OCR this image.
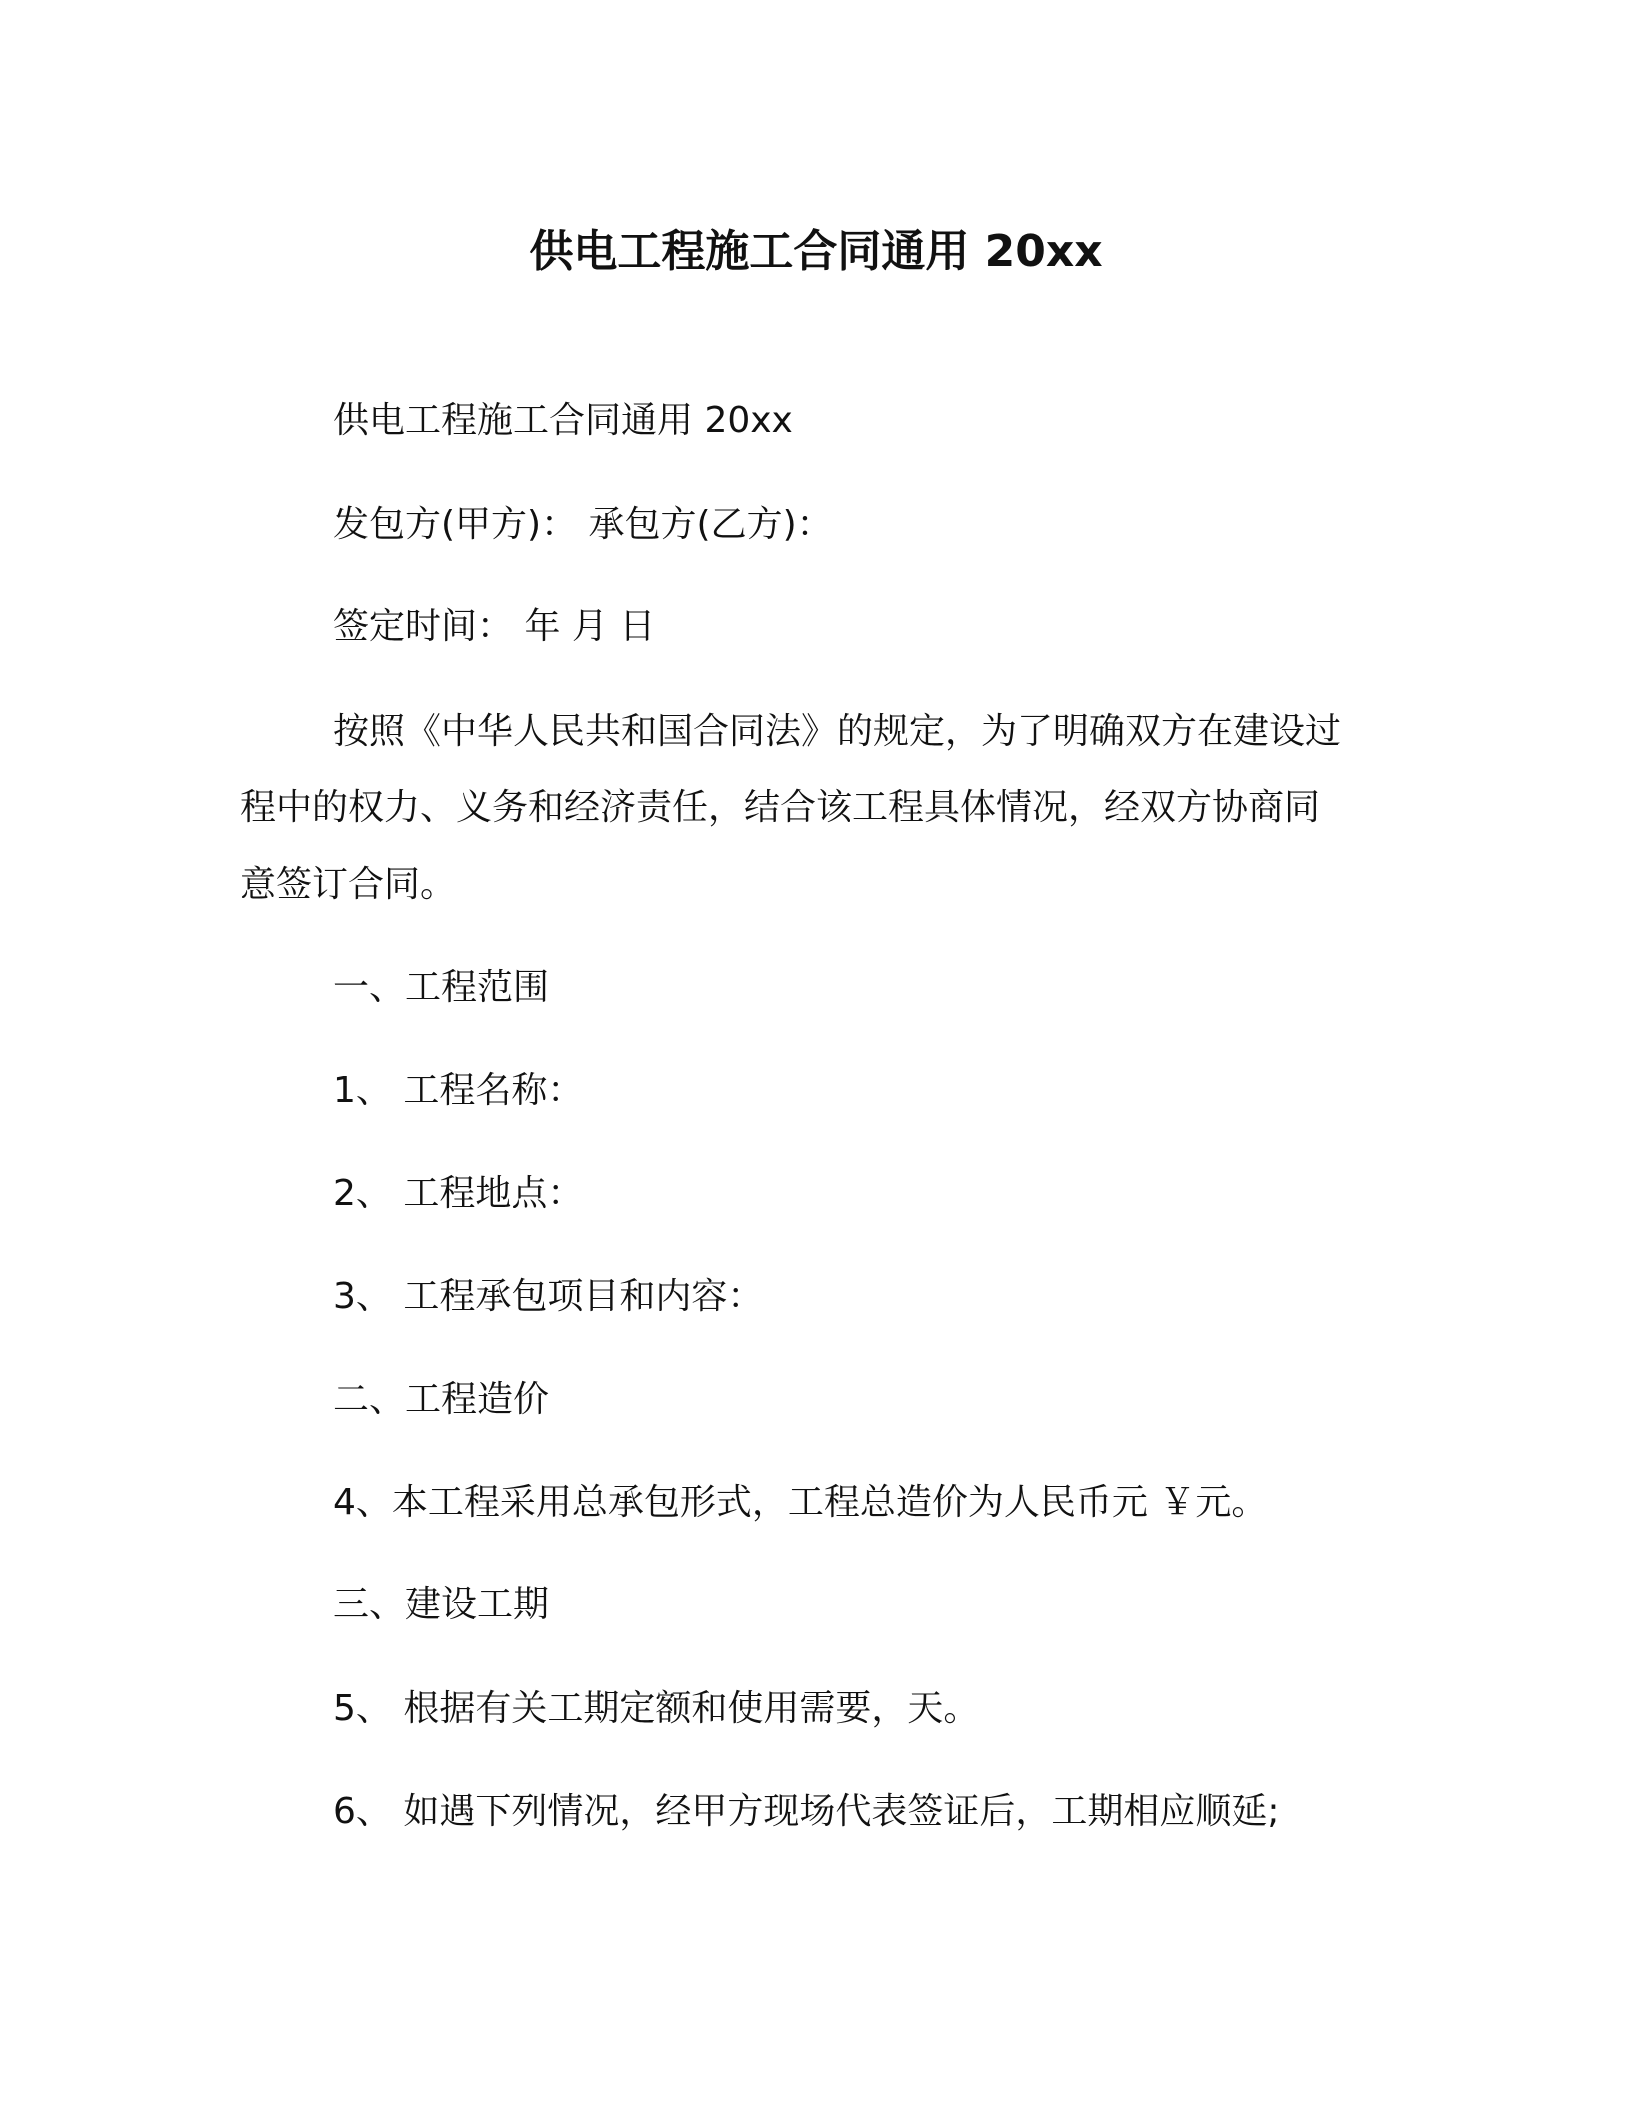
供电工程施工合同通用 20xx
供电工程施工合同通用 20xx
发包方(甲方)： 承包方(乙方)：
签定时间： 年 月 日
按照《中华人民共和国合同法》的规定，为了明确双方在建设过
程中的权力、义务和经济责任，结合该工程具体情况，经双方协商同
意签订合同。
一、工程范围
1、 工程名称：
2、 工程地点：
3、 工程承包项目和内容：
二、工程造价
4、本工程采用总承包形式，工程总造价为人民币元 ￥元。
三、建设工期
5、 根据有关工期定额和使用需要，天。
6、 如遇下列情况，经甲方现场代表签证后，工期相应顺延;
